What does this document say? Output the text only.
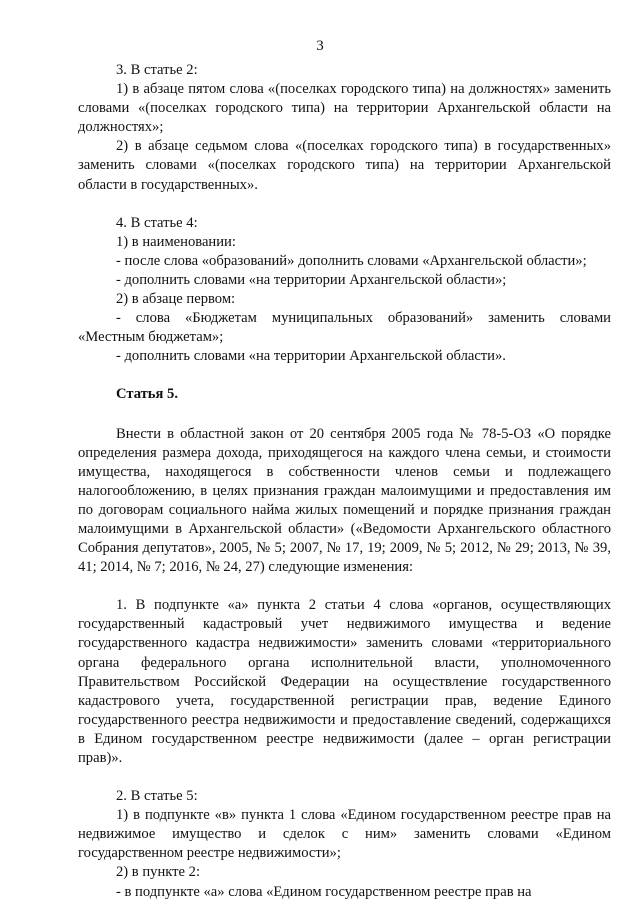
3

3. В статье 2:

1) в абзаце пятом слова «(поселках городского типа) на должностях» заменить словами «(поселках городского типа) на территории Архангельской области на должностях»;

2) в абзаце седьмом слова «(поселках городского типа) в государственных» заменить словами «(поселках городского типа) на территории Архангельской области в государственных».

4. В статье 4:

1) в наименовании:

- после слова «образований» дополнить словами «Архангельской области»;

- дополнить словами «на территории Архангельской области»;

2) в абзаце первом:

- слова «Бюджетам муниципальных образований» заменить словами «Местным бюджетам»;

- дополнить словами «на территории Архангельской области».

Статья 5.

Внести в областной закон от 20 сентября 2005 года № 78-5-ОЗ «О порядке определения размера дохода, приходящегося на каждого члена семьи, и стоимости имущества, находящегося в собственности членов семьи и подлежащего налогообложению, в целях признания граждан малоимущими и предоставления им по договорам социального найма жилых помещений и порядке признания граждан малоимущими в Архангельской области» («Ведомости Архангельского областного Собрания депутатов», 2005, № 5; 2007, № 17, 19; 2009, № 5; 2012, № 29; 2013, № 39, 41; 2014, № 7; 2016, № 24, 27) следующие изменения:

1. В подпункте «а» пункта 2 статьи 4 слова «органов, осуществляющих государственный кадастровый учет недвижимого имущества и ведение государственного кадастра недвижимости» заменить словами «территориального органа федерального органа исполнительной власти, уполномоченного Правительством Российской Федерации на осуществление государственного кадастрового учета, государственной регистрации прав, ведение Единого государственного реестра недвижимости и предоставление сведений, содержащихся в Едином государственном реестре недвижимости (далее – орган регистрации прав)».

2. В статье 5:

1) в подпункте «в» пункта 1 слова «Едином государственном реестре прав на недвижимое имущество и сделок с ним» заменить словами «Едином государственном реестре недвижимости»;

2) в пункте 2:

- в подпункте «а» слова «Едином государственном реестре прав на
